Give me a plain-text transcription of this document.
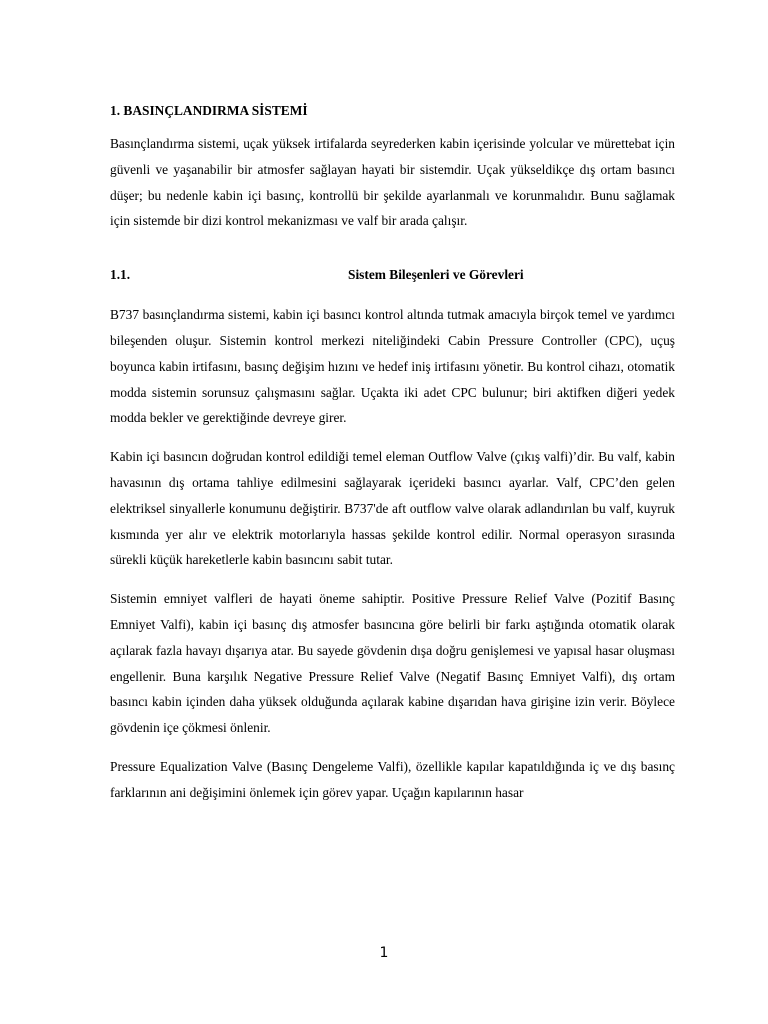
1. BASINÇLANDIRMA SİSTEMİ

Basınçlandırma sistemi, uçak yüksek irtifalarda seyrederken kabin içerisinde yolcular ve mürettebat için güvenli ve yaşanabilir bir atmosfer sağlayan hayati bir sistemdir. Uçak yükseldikçe dış ortam basıncı düşer; bu nedenle kabin içi basınç, kontrollü bir şekilde ayarlanmalı ve korunmalıdır. Bunu sağlamak için sistemde bir dizi kontrol mekanizması ve valf bir arada çalışır.

1.1.	Sistem Bileşenleri ve Görevleri

B737 basınçlandırma sistemi, kabin içi basıncı kontrol altında tutmak amacıyla birçok temel ve yardımcı bileşenden oluşur. Sistemin kontrol merkezi niteliğindeki Cabin Pressure Controller (CPC), uçuş boyunca kabin irtifasını, basınç değişim hızını ve hedef iniş irtifasını yönetir. Bu kontrol cihazı, otomatik modda sistemin sorunsuz çalışmasını sağlar. Uçakta iki adet CPC bulunur; biri aktifken diğeri yedek modda bekler ve gerektiğinde devreye girer.

Kabin içi basıncın doğrudan kontrol edildiği temel eleman Outflow Valve (çıkış valfi)’dir. Bu valf, kabin havasının dış ortama tahliye edilmesini sağlayarak içerideki basıncı ayarlar. Valf, CPC’den gelen elektriksel sinyallerle konumunu değiştirir. B737'de aft outflow valve olarak adlandırılan bu valf, kuyruk kısmında yer alır ve elektrik motorlarıyla hassas şekilde kontrol edilir. Normal operasyon sırasında sürekli küçük hareketlerle kabin basıncını sabit tutar.

Sistemin emniyet valfleri de hayati öneme sahiptir. Positive Pressure Relief Valve (Pozitif Basınç Emniyet Valfi), kabin içi basınç dış atmosfer basıncına göre belirli bir farkı aştığında otomatik olarak açılarak fazla havayı dışarıya atar. Bu sayede gövdenin dışa doğru genişlemesi ve yapısal hasar oluşması engellenir. Buna karşılık Negative Pressure Relief Valve (Negatif Basınç Emniyet Valfi), dış ortam basıncı kabin içinden daha yüksek olduğunda açılarak kabine dışarıdan hava girişine izin verir. Böylece gövdenin içe çökmesi önlenir.

Pressure Equalization Valve (Basınç Dengeleme Valfi), özellikle kapılar kapatıldığında iç ve dış basınç farklarının ani değişimini önlemek için görev yapar. Uçağın kapılarının hasar

1
